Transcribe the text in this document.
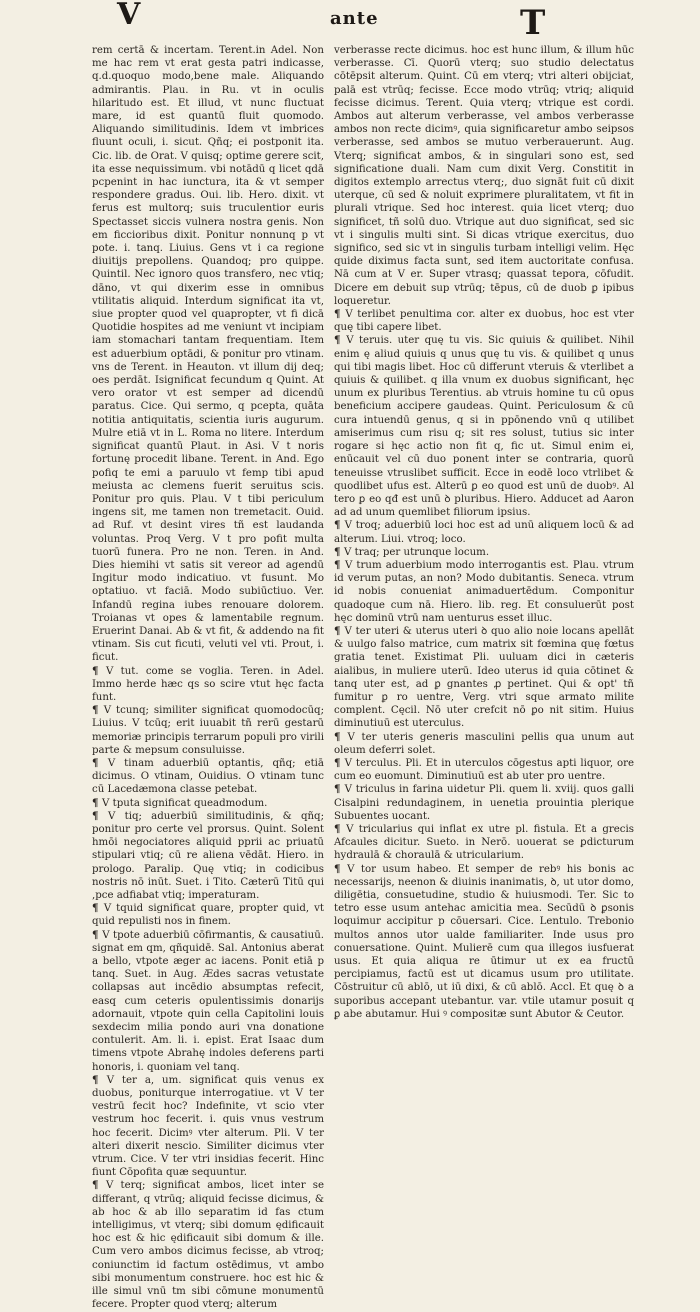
V	ante	T

rem certā & incertam. Terent.in Adel. Non me hac rem vt erat gesta patri indicasse, q.d.quoquo modo,bene male. Aliquando admirantis. Plau. in Ru. vt in oculis hilaritudo est. Et illud, vt nunc fluctuat mare, id est quantū fluit quomodo. Aliquando similitudinis. Idem vt imbrices fluunt oculi, i. sicut. Qñq; ei postponit ita. Cic. lib. de Orat. V quisq; optime gerere scit, ita esse nequissimum. vbi notādū q licet qdā pcpenint in hac iunctura, ita & vt semper respondere gradus. Oui. lib. Hero. dixit. vt ferus est multorq; suis truculentior euris Spectasset siccis vulnera nostra genis. Non em ficcioribus dixit. Ponitur nonnunq p vt pote. i. tanq. Liuius. Gens vt i ca regione diuitijs prepollens. Quandoq; pro quippe. Quintil. Nec ignoro quos transfero, nec vtiq; dāno, vt qui dixerim esse in omnibus vtilitatis aliquid. Interdum significat ita vt, siue propter quod vel quapropter, vt fi dicā Quotidie hospites ad me veniunt vt incipiam iam stomachari tantam frequentiam. Item est aduerbium optādi, & ponitur pro vtinam. vns de Terent. in Heauton. vt illum dij deq; oes perdāt. Isignificat fecundum q Quint. At vero orator vt est semper ad dicendū paratus. Cice. Qui sermo, q pcepta, quāta notitia antiquitatis, scientia iuris augurum. Mulre etiā vt in L. Roma no litere. Interdum significat quantū Plaut. in Asi. V t noris fortunę procedit libane. Terent. in And. Ego pofiq te emi a paruulo vt femp tibi apud meiusta ac clemens fuerit seruitus scis. Ponitur pro quis. Plau. V t tibi periculum ingens sit, me tamen non tremetacit. Ouid. ad Ruf. vt desint vires tñ est laudanda voluntas. Proq Verg. V t pro pofit multa tuorū funera. Pro ne non. Teren. in And. Dies hiemihi vt satis sit vereor ad agendū Ingitur modo indicatiuo. vt fusunt. Mo optatiuo. vt faciā. Modo subiūctiuo. Ver. Infandū regina iubes renouare dolorem. Troianas vt opes & lamentabile regnum. Eruerint Danai. Ab & vt fit, & addendo na fit vtinam. Sis cut ficuti, veluti vel vti. Prout, i. ficut.

¶ V tut. come se voglia. Teren. in Adel. Immo herde hæc qs so scire vtut hęc facta funt.

¶ V tcunq; similiter significat quomodocūq; Liuius. V tcūq; erit iuuabit tñ rerū gestarū memoriæ principis terrarum populi pro virili parte & mepsum consuluisse.

¶ V tinam aduerbiū optantis, qñq; etiā dicimus. O vtinam, Ouidius. O vtinam tunc cū Lacedæmona classe petebat.

¶ V tputa significat queadmodum.

¶ V tiq; aduerbiū similitudinis, & qñq; ponitur pro certe vel prorsus. Quint. Solent hmōi negociatores aliquid pprii ac priuatū stipulari vtiq; cū re aliena vēdāt. Hiero. in prologo. Paralip. Quę vtiq; in codicibus nostris nō inūt. Suet. i Tito. Cæterū Titū qui ,pce adfiabat vtiq; imperaturam.

¶ V tquid significat quare, propter quid, vt quid repulisti nos in finem.

¶ V tpote aduerbiū cōfirmantis, & causatiuū. signat em qm, qñquidē. Sal. Antonius aberat a bello, vtpote æger ac iacens. Ponit etiā p tanq. Suet. in Aug. Ædes sacras vetustate collapsas aut incēdio absumptas refecit, easq cum ceteris opulentissimis donarijs adornauit, vtpote quin cella Capitolini louis sexdecim milia pondo auri vna donatione contulerit. Am. li. i. epist. Erat Isaac dum timens vtpote Abrahę indoles deferens parti honoris, i. quoniam vel tanq.

¶ V ter a, um. significat quis venus ex duobus, poniturque interrogatiue. vt V ter vestrū fecit hoc? Indefinite, vt scio vter vestrum hoc fecerit. i. quis vnus vestrum hoc fecerit. Dicimꝰ vter alterum. Pli. V ter alteri dixerit nescio. Similiter dicimus vter vtrum. Cice. V ter vtri insidias fecerit. Hinc fiunt Cōpofita quæ sequuntur.

¶ V terq; significat ambos, licet inter se differant, q vtrūq; aliquid fecisse dicimus, & ab hoc & ab illo separatim id fas ctum intelligimus, vt vterq; sibi domum ędificauit hoc est & hic ędificauit sibi domum & ille. Cum vero ambos dicimus fecisse, ab vtroq; coniunctim id factum ostēdimus, vt ambo sibi monumentum construere. hoc est hic & ille simul vnū tm sibi cōmune monumentū fecere. Propter quod vterq; alterum

verberasse recte dicimus. hoc est hunc illum, & illum hūc verberasse. Cī. Quorū vterq; suo studio delectatus cōtēpsit alterum. Quint. Cū em vterq; vtri alteri obijciat, palā est vtrūq; fecisse. Ecce modo vtrūq; vtriq; aliquid fecisse dicimus. Terent. Quia vterq; vtrique est cordi. Ambos aut alterum verberasse, vel ambos verberasse ambos non recte dicimꝰ, quia significaretur ambo seipsos verberasse, sed ambos se mutuo verberauerunt. Aug. Vterq; significat ambos, & in singulari sono est, sed significatione duali. Nam cum dixit Verg. Constitit in digitos extemplo arrectus vterq;, duo signāt fuit cū dixit uterque, cū sed & noluit exprimere pluralitatem, vt fit in plurali vtrique. Sed hoc interest. quia licet vterq; duo significet, tñ solū duo. Vtrique aut duo significat, sed sic vt i singulis multi sint. Si dicas vtrique exercitus, duo significo, sed sic vt in singulis turbam intelligi velim. Hęc quide diximus facta sunt, sed item auctoritate confusa. Nā cum at V er. Super vtrasq; quassat tepora, cōfudit. Dicere em debuit sup vtrūq; tēpus, cū de duob ꝑ ipibus loqueretur.

¶ V terlibet penultima cor. alter ex duobus, hoc est vter quę tibi capere libet.

¶ V teruis. uter quę tu vis. Sic quiuis & quilibet. Nihil enim ę aliud quiuis q unus quę tu vis. & quilibet q unus qui tibi magis libet. Hoc cū differunt vteruis & vterlibet a quiuis & quilibet. q illa vnum ex duobus significant, hęc unum ex pluribus Terentius. ab vtruis homine tu cū opus beneficium accipere gaudeas. Quint. Periculosum & cū cura intuendū genus, q si in ppōnendo vnū q utilibet amiserimus cum risu q; sit res solust, tutius sic inter rogare si hęc actio non fit q, fic ut. Simul enim ei, enūcauit vel cū duo ponent inter se contraria, quorū teneuisse vtruslibet sufficit. Ecce in eodē loco vtrlibet & quodlibet ufus est. Alterū ꝑ eo quod est unū de duobꝰ. Al tero ꝑ eo qđ est unū ꝺ pluribus. Hiero. Adducet ad Aaron ad ad unum quemlibet filiorum ipsius.

¶ V troq; aduerbiū loci hoc est ad unū aliquem locū & ad alterum. Liui. vtroq; loco.

¶ V traq; per utrunque locum.

¶ V trum aduerbium modo interrogantis est. Plau. vtrum id verum putas, an non? Modo dubitantis. Seneca. vtrum id nobis conueniat animaduertēdum. Componitur quadoque cum nā. Hiero. lib. reg. Et consuluerūt post hęc dominū vtrū nam uenturus esset illuc.

¶ V ter uteri & uterus uteri ꝺ quo alio noie locans apellāt & uulgo falso matrice, cum matrix sit fœmina quę fœtus gratia tenet. Existimat Pli. uuluam dici in cæteris aialibus, in muliere uterū. Ideo uterus id quia cōtinet & tanq uter est, ad ꝑ gnantes ꝓ pertinet. Qui & opt' tñ fumitur ꝑ ro uentre, Verg. vtri sque armato milite complent. Cęcil. Nō uter crefcit nō ꝑo nit sitim. Huius diminutiuū est uterculus.

¶ V ter uteris generis masculini pellis qua unum aut oleum deferri solet.

¶ V terculus. Pli. Et in uterculos cōgestus apti liquor, ore cum eo euomunt. Diminutiuū est ab uter pro uentre.

¶ V triculus in farina uidetur Pli. quem li. xviij. quos galli Cisalpini redundaginem, in uenetia prouintia plerique Subuentes uocant.

¶ V tricularius qui inflat ex utre pl. fistula. Et a grecis Afcaules dicitur. Sueto. in Nerō. uouerat se ꝑdicturum hydraulā & choraulā & utricularium.

¶ V tor usum habeo. Et semper de rebꝰ his bonis ac necessarijs, neenon & diuinis inanimatis, ꝺ, ut utor domo, diligētia, consuetudine, studio & huiusmodi. Ter. Sic to tetro esse usum antehac amicitia mea. Secūdū ꝺ ꝑsonis loquimur accipitur p cōuersari. Cice. Lentulo. Trebonio multos annos utor ualde familiariter. Inde usus pro conuersatione. Quint. Mulierē cum qua illegos iusfuerat usus. Et quia aliqua re ūtimur ut ex ea fructū percipiamus, factū est ut dicamus usum pro utilitate. Cōstruitur cū ablō, ut iū dixi, & cū ablō. Accl. Et quę ꝺ a suporibus accepant utebantur. var. vtile utamur posuit q ꝑ abe abutamur. Hui ꝰ compositæ sunt Abutor & Ceutor.
